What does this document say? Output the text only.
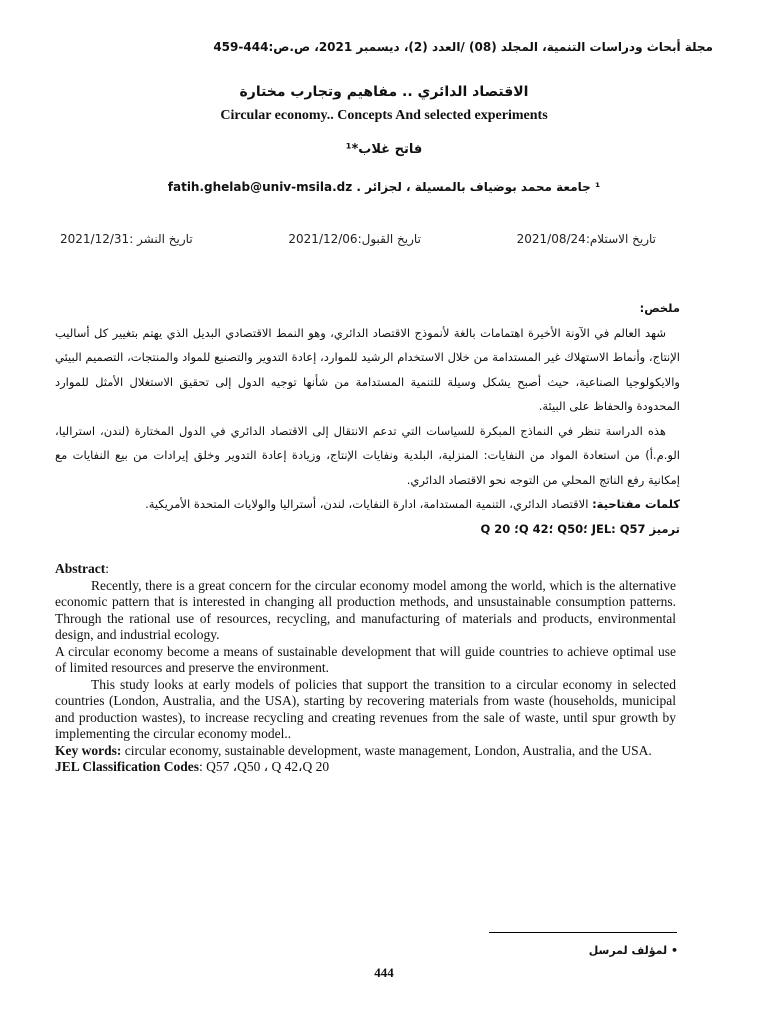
مجلة أبحاث ودراسات التنمية، المجلد (08) /العدد (2)، ديسمبر 2021، ص.ص:444-459
الاقتصاد الدائري .. مفاهيم وتجارب مختارة
Circular economy.. Concepts And selected experiments
فاتح غلاب*¹
¹ جامعة محمد بوضياف بالمسيلة ، لجزائر . fatih.ghelab@univ-msila.dz
تاريخ الاستلام:2021/08/24
تاريخ القبول:2021/12/06
تاريخ النشر :2021/12/31

ملخص:

شهد العالم في الآونة الأخيرة اهتمامات بالغة لأنموذج الاقتصاد الدائري، وهو النمط الاقتصادي البديل الذي يهتم بتغيير كل أساليب الإنتاج، وأنماط الاستهلاك غير المستدامة من خلال الاستخدام الرشيد للموارد، إعادة التدوير والتصنيع للمواد والمنتجات، التصميم البيئي والايكولوجيا الصناعية، حيث أصبح يشكل وسيلة للتنمية المستدامة من شأنها توجيه الدول إلى تحقيق الاستغلال الأمثل للموارد المحدودة والحفاظ على البيئة.

هذه الدراسة تنظر في النماذج المبكرة للسياسات التي تدعم الانتقال إلى الاقتصاد الدائري في الدول المختارة (لندن، استراليا، الو.م.أ) من استعادة المواد من النفايات: المنزلية، البلدية ونفايات الإنتاج، وزيادة إعادة التدوير وخلق إيرادات من بيع النفايات مع إمكانية رفع الناتج المحلي من التوجه نحو الاقتصاد الدائري.

كلمات مفتاحية: الاقتصاد الدائري، التنمية المستدامة، ادارة النفايات، لندن، أستراليا والولايات المتحدة الأمريكية.

ترميز JEL: Q57 ؛Q50 ؛Q 42؛ Q 20

Abstract:

Recently, there is a great concern for the circular economy model among the world, which is the alternative economic pattern that is interested in changing all production methods, and unsustainable consumption patterns. Through the rational use of resources, recycling, and manufacturing of materials and products, environmental design, and industrial ecology.

A circular economy become a means of sustainable development that will guide countries to achieve optimal use of limited resources and preserve the environment.

This study looks at early models of policies that support the transition to a circular economy in selected countries (London, Australia, and the USA), starting by recovering materials from waste (households, municipal and production wastes), to increase recycling and creating revenues from the sale of waste, until spur growth by implementing the circular economy model..

Key words: circular economy, sustainable development, waste management, London, Australia, and the USA.

JEL Classification Codes: Q57 ،Q50 ، Q 42،Q 20

• لمؤلف لمرسل
444
